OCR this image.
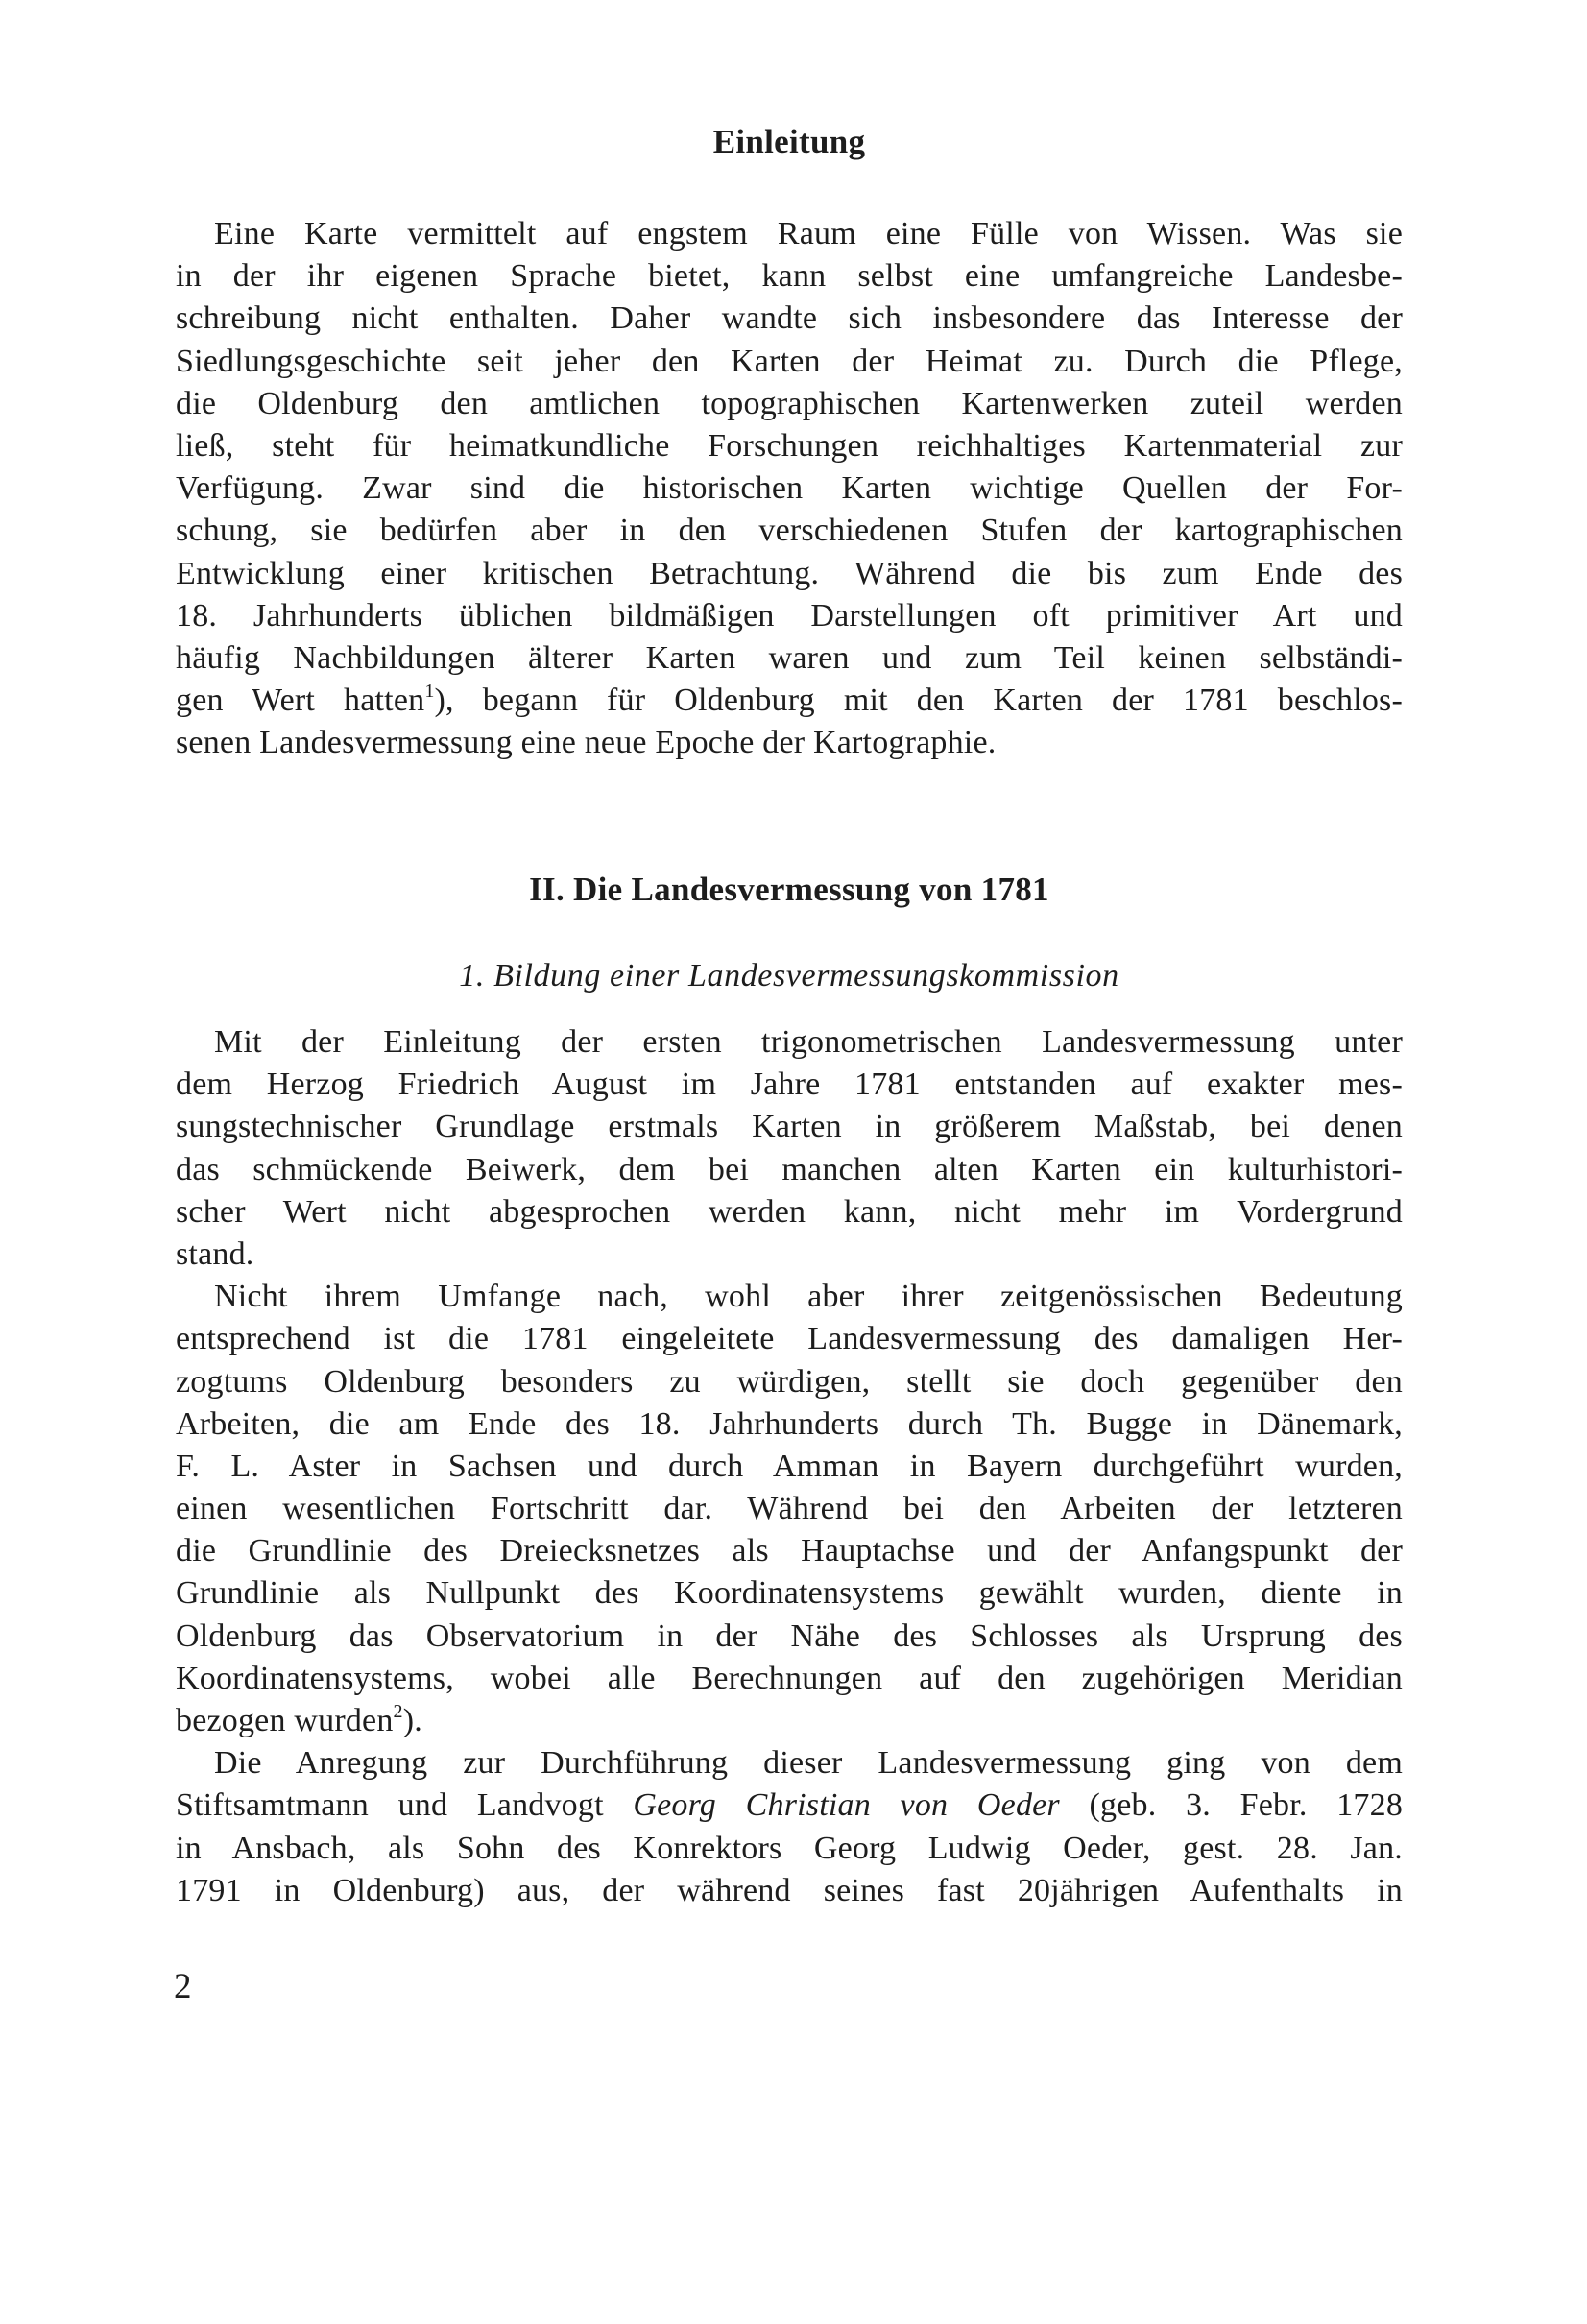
Einleitung

Eine Karte vermittelt auf engstem Raum eine Fülle von Wissen. Was sie

in der ihr eigenen Sprache bietet, kann selbst eine umfangreiche Landesbe-

schreibung nicht enthalten. Daher wandte sich insbesondere das Interesse der

Siedlungsgeschichte seit jeher den Karten der Heimat zu. Durch die Pflege,

die Oldenburg den amtlichen topographischen Kartenwerken zuteil werden

ließ, steht für heimatkundliche Forschungen reichhaltiges Kartenmaterial zur

Verfügung. Zwar sind die historischen Karten wichtige Quellen der For-

schung, sie bedürfen aber in den verschiedenen Stufen der kartographischen

Entwicklung einer kritischen Betrachtung. Während die bis zum Ende des

18. Jahrhunderts üblichen bildmäßigen Darstellungen oft primitiver Art und

häufig Nachbildungen älterer Karten waren und zum Teil keinen selbständi-

gen Wert hatten$^1$), begann für Oldenburg mit den Karten der 1781 beschlos-

senen Landesvermessung eine neue Epoche der Kartographie.

II. Die Landesvermessung von 1781
1. Bildung einer Landesvermessungskommission

Mit der Einleitung der ersten trigonometrischen Landesvermessung unter

dem Herzog Friedrich August im Jahre 1781 entstanden auf exakter mes-

sungstechnischer Grundlage erstmals Karten in größerem Maßstab, bei denen

das schmückende Beiwerk, dem bei manchen alten Karten ein kulturhistori-

scher Wert nicht abgesprochen werden kann, nicht mehr im Vordergrund

stand.

Nicht ihrem Umfange nach, wohl aber ihrer zeitgenössischen Bedeutung

entsprechend ist die 1781 eingeleitete Landesvermessung des damaligen Her-

zogtums Oldenburg besonders zu würdigen, stellt sie doch gegenüber den

Arbeiten, die am Ende des 18. Jahrhunderts durch Th. Bugge in Dänemark,

F. L. Aster in Sachsen und durch Amman in Bayern durchgeführt wurden,

einen wesentlichen Fortschritt dar. Während bei den Arbeiten der letzteren

die Grundlinie des Dreiecksnetzes als Hauptachse und der Anfangspunkt der

Grundlinie als Nullpunkt des Koordinatensystems gewählt wurden, diente in

Oldenburg das Observatorium in der Nähe des Schlosses als Ursprung des

Koordinatensystems, wobei alle Berechnungen auf den zugehörigen Meridian

bezogen wurden$^2$).

Die Anregung zur Durchführung dieser Landesvermessung ging von dem

Stiftsamtmann und Landvogt Georg Christian von Oeder (geb. 3. Febr. 1728

in Ansbach, als Sohn des Konrektors Georg Ludwig Oeder, gest. 28. Jan.

1791 in Oldenburg) aus, der während seines fast 20jährigen Aufenthalts in

2
